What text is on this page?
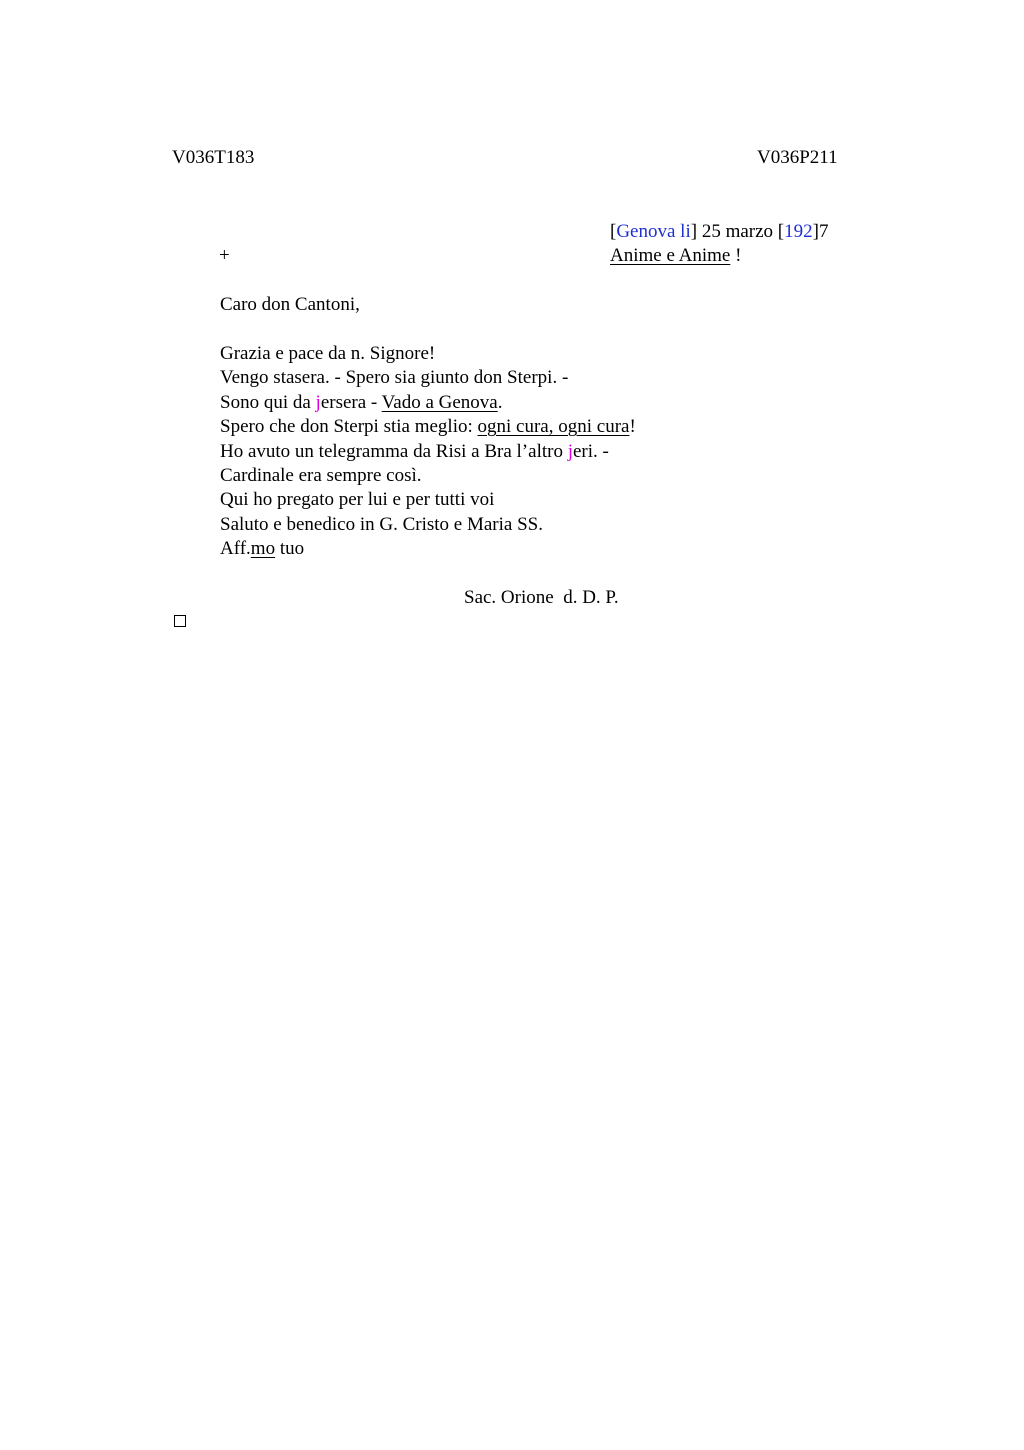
V036T183	V036P211
[Genova li] 25 marzo [192]7
+	Anime e Anime !
Caro don Cantoni,
Grazia e pace da n. Signore!
Vengo stasera. - Spero sia giunto don Sterpi. -
Sono qui da jersera - Vado a Genova.
Spero che don Sterpi stia meglio: ogni cura, ogni cura!
Ho avuto un telegramma da Risi a Bra l’altro jeri. -
Cardinale era sempre così.
Qui ho pregato per lui e per tutti voi
Saluto e benedico in G. Cristo e Maria SS.
Aff.mo tuo
Sac. Orione  d. D. P.
